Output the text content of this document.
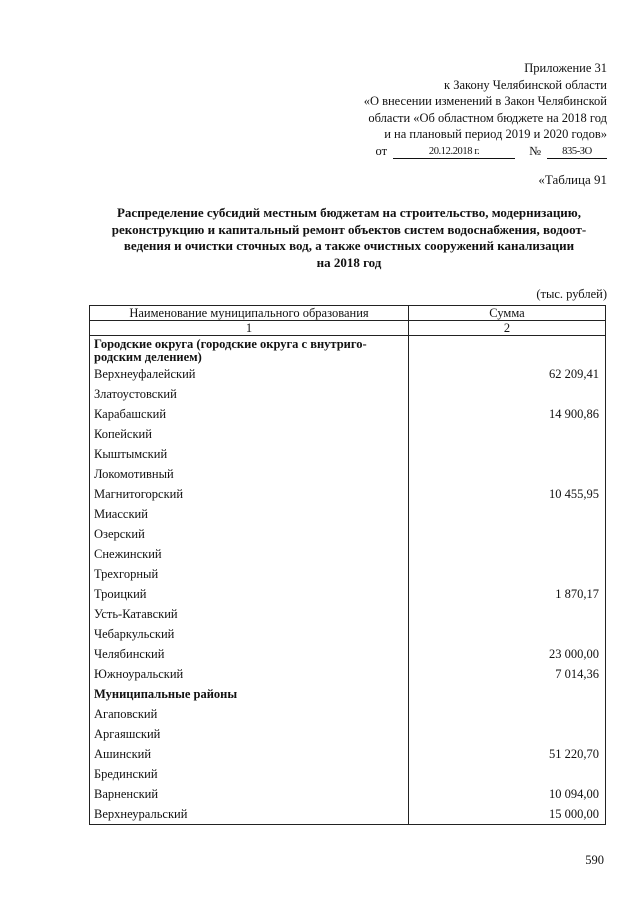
Приложение 31
к Закону Челябинской области
«О внесении изменений в Закон Челябинской
области «Об областном бюджете на 2018 год
и на плановый период 2019 и 2020 годов»
от	20.12.2018 г.	№	835-ЗО
«Таблица 91
Распределение субсидий местным бюджетам на строительство, модернизацию,
реконструкцию и капитальный ремонт объектов систем водоснабжения, водоот-
ведения и очистки сточных вод, а также очистных сооружений канализации
на 2018 год
(тыс. рублей)
Наименование муниципального образования	Сумма
1	2
Городские округа (городские округа с внутриго-
родским делением)	
Верхнеуфалейский	62 209,41
Златоустовский	
Карабашский	14 900,86
Копейский	
Кыштымский	
Локомотивный	
Магнитогорский	10 455,95
Миасский	
Озерский	
Снежинский	
Трехгорный	
Троицкий	1 870,17
Усть-Катавский	
Чебаркульский	
Челябинский	23 000,00
Южноуральский	7 014,36
Муниципальные районы	
Агаповский	
Аргаяшский	
Ашинский	51 220,70
Брединский	
Варненский	10 094,00
Верхнеуральский	15 000,00
590
